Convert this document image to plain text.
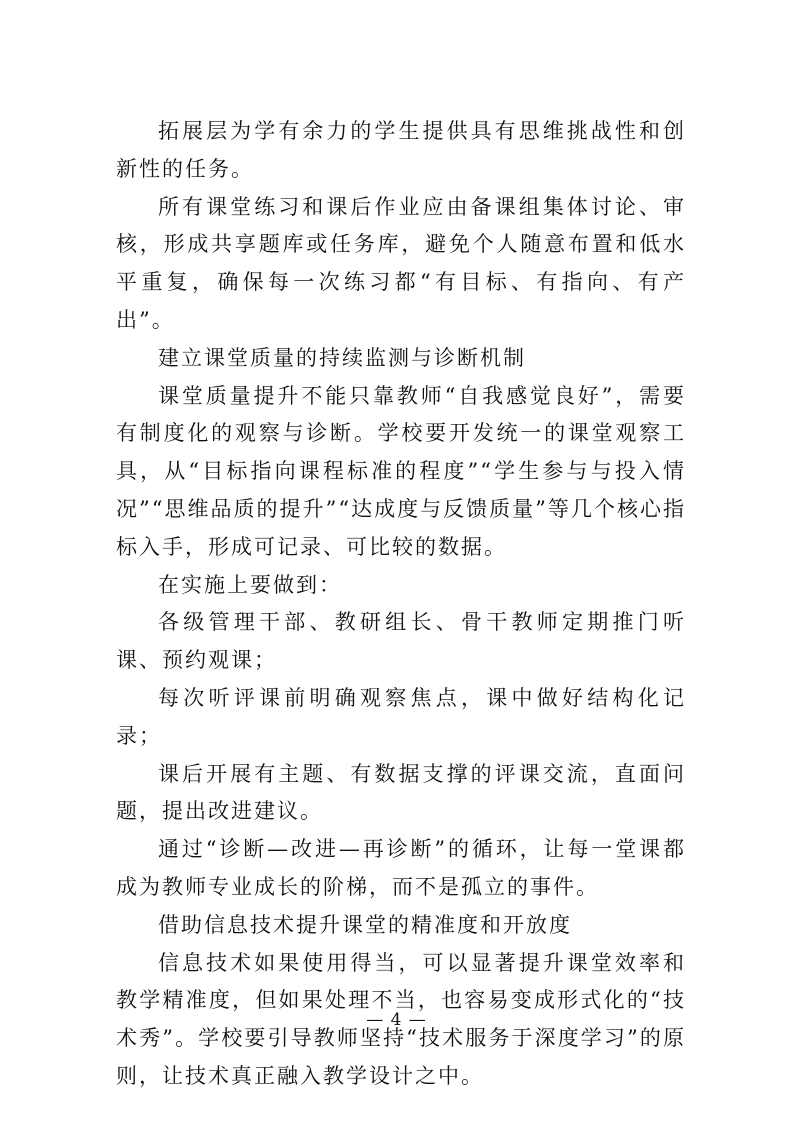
拓展层为学有余力的学生提供具有思维挑战性和创新性的任务。

所有课堂练习和课后作业应由备课组集体讨论、审核，形成共享题库或任务库，避免个人随意布置和低水平重复，确保每一次练习都“有目标、有指向、有产出”。

建立课堂质量的持续监测与诊断机制

课堂质量提升不能只靠教师“自我感觉良好”，需要有制度化的观察与诊断。学校要开发统一的课堂观察工具，从“目标指向课程标准的程度”“学生参与与投入情况”“思维品质的提升”“达成度与反馈质量”等几个核心指标入手，形成可记录、可比较的数据。

在实施上要做到：

各级管理干部、教研组长、骨干教师定期推门听课、预约观课；

每次听评课前明确观察焦点，课中做好结构化记录；

课后开展有主题、有数据支撑的评课交流，直面问题，提出改进建议。

通过“诊断—改进—再诊断”的循环，让每一堂课都成为教师专业成长的阶梯，而不是孤立的事件。

借助信息技术提升课堂的精准度和开放度

信息技术如果使用得当，可以显著提升课堂效率和教学精准度，但如果处理不当，也容易变成形式化的“技术秀”。学校要引导教师坚持“技术服务于深度学习”的原则，让技术真正融入教学设计之中。

— 4 —
